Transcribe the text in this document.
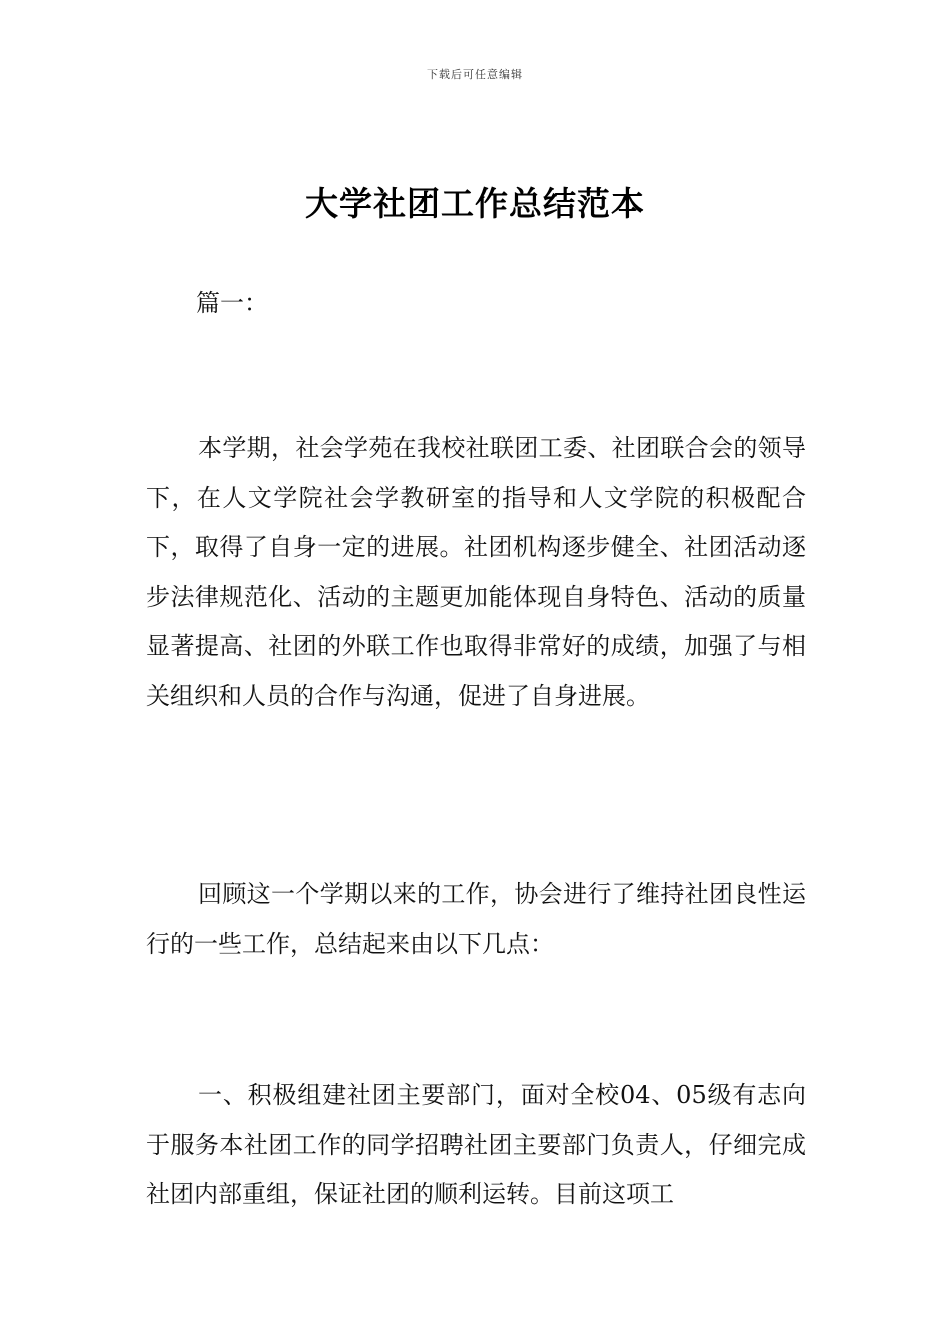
下载后可任意编辑
大学社团工作总结范本

篇一：

本学期，社会学苑在我校社联团工委、社团联合会的领导下，在人文学院社会学教研室的指导和人文学院的积极配合下，取得了自身一定的进展。社团机构逐步健全、社团活动逐步法律规范化、活动的主题更加能体现自身特色、活动的质量显著提高、社团的外联工作也取得非常好的成绩，加强了与相关组织和人员的合作与沟通，促进了自身进展。

回顾这一个学期以来的工作，协会进行了维持社团良性运行的一些工作，总结起来由以下几点：

一、积极组建社团主要部门，面对全校04、05级有志向于服务本社团工作的同学招聘社团主要部门负责人，仔细完成社团内部重组，保证社团的顺利运转。目前这项工
